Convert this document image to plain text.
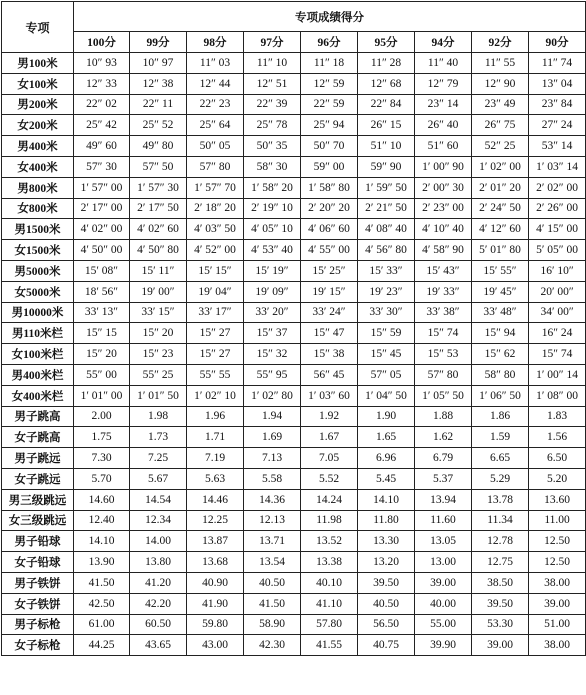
专项	专项成绩得分								
	100分	99分	98分	97分	96分	95分	94分	92分	90分
男100米	10″ 93	10″ 97	11″ 03	11″ 10	11″ 18	11″ 28	11″ 40	11″ 55	11″ 74
女100米	12″ 33	12″ 38	12″ 44	12″ 51	12″ 59	12″ 68	12″ 79	12″ 90	13″ 04
男200米	22″ 02	22″ 11	22″ 23	22″ 39	22″ 59	22″ 84	23″ 14	23″ 49	23″ 84
女200米	25″ 42	25″ 52	25″ 64	25″ 78	25″ 94	26″ 15	26″ 40	26″ 75	27″ 24
男400米	49″ 60	49″ 80	50″ 05	50″ 35	50″ 70	51″ 10	51″ 60	52″ 25	53″ 14
女400米	57″ 30	57″ 50	57″ 80	58″ 30	59″ 00	59″ 90	1′ 00″ 90	1′ 02″ 00	1′ 03″ 14
男800米	1′ 57″ 00	1′ 57″ 30	1′ 57″ 70	1′ 58″ 20	1′ 58″ 80	1′ 59″ 50	2′ 00″ 30	2′ 01″ 20	2′ 02″ 00
女800米	2′ 17″ 00	2′ 17″ 50	2′ 18″ 20	2′ 19″ 10	2′ 20″ 20	2′ 21″ 50	2′ 23″ 00	2′ 24″ 50	2′ 26″ 00
男1500米	4′ 02″ 00	4′ 02″ 60	4′ 03″ 50	4′ 05″ 10	4′ 06″ 60	4′ 08″ 40	4′ 10″ 40	4′ 12″ 60	4′ 15″ 00
女1500米	4′ 50″ 00	4′ 50″ 80	4′ 52″ 00	4′ 53″ 40	4′ 55″ 00	4′ 56″ 80	4′ 58″ 90	5′ 01″ 80	5′ 05″ 00
男5000米	15′ 08″	15′ 11″	15′ 15″	15′ 19″	15′ 25″	15′ 33″	15′ 43″	15′ 55″	16′ 10″
女5000米	18′ 56″	19′ 00″	19′ 04″	19′ 09″	19′ 15″	19′ 23″	19′ 33″	19′ 45″	20′ 00″
男10000米	33′ 13″	33′ 15″	33′ 17″	33′ 20″	33′ 24″	33′ 30″	33′ 38″	33′ 48″	34′ 00″
男110米栏	15″ 15	15″ 20	15″ 27	15″ 37	15″ 47	15″ 59	15″ 74	15″ 94	16″ 24
女100米栏	15″ 20	15″ 23	15″ 27	15″ 32	15″ 38	15″ 45	15″ 53	15″ 62	15″ 74
男400米栏	55″ 00	55″ 25	55″ 55	55″ 95	56″ 45	57″ 05	57″ 80	58″ 80	1′ 00″ 14
女400米栏	1′ 01″ 00	1′ 01″ 50	1′ 02″ 10	1′ 02″ 80	1′ 03″ 60	1′ 04″ 50	1′ 05″ 50	1′ 06″ 50	1′ 08″ 00
男子跳高	2.00	1.98	1.96	1.94	1.92	1.90	1.88	1.86	1.83
女子跳高	1.75	1.73	1.71	1.69	1.67	1.65	1.62	1.59	1.56
男子跳远	7.30	7.25	7.19	7.13	7.05	6.96	6.79	6.65	6.50
女子跳远	5.70	5.67	5.63	5.58	5.52	5.45	5.37	5.29	5.20
男三级跳远	14.60	14.54	14.46	14.36	14.24	14.10	13.94	13.78	13.60
女三级跳远	12.40	12.34	12.25	12.13	11.98	11.80	11.60	11.34	11.00
男子铅球	14.10	14.00	13.87	13.71	13.52	13.30	13.05	12.78	12.50
女子铅球	13.90	13.80	13.68	13.54	13.38	13.20	13.00	12.75	12.50
男子铁饼	41.50	41.20	40.90	40.50	40.10	39.50	39.00	38.50	38.00
女子铁饼	42.50	42.20	41.90	41.50	41.10	40.50	40.00	39.50	39.00
男子标枪	61.00	60.50	59.80	58.90	57.80	56.50	55.00	53.30	51.00
女子标枪	44.25	43.65	43.00	42.30	41.55	40.75	39.90	39.00	38.00
